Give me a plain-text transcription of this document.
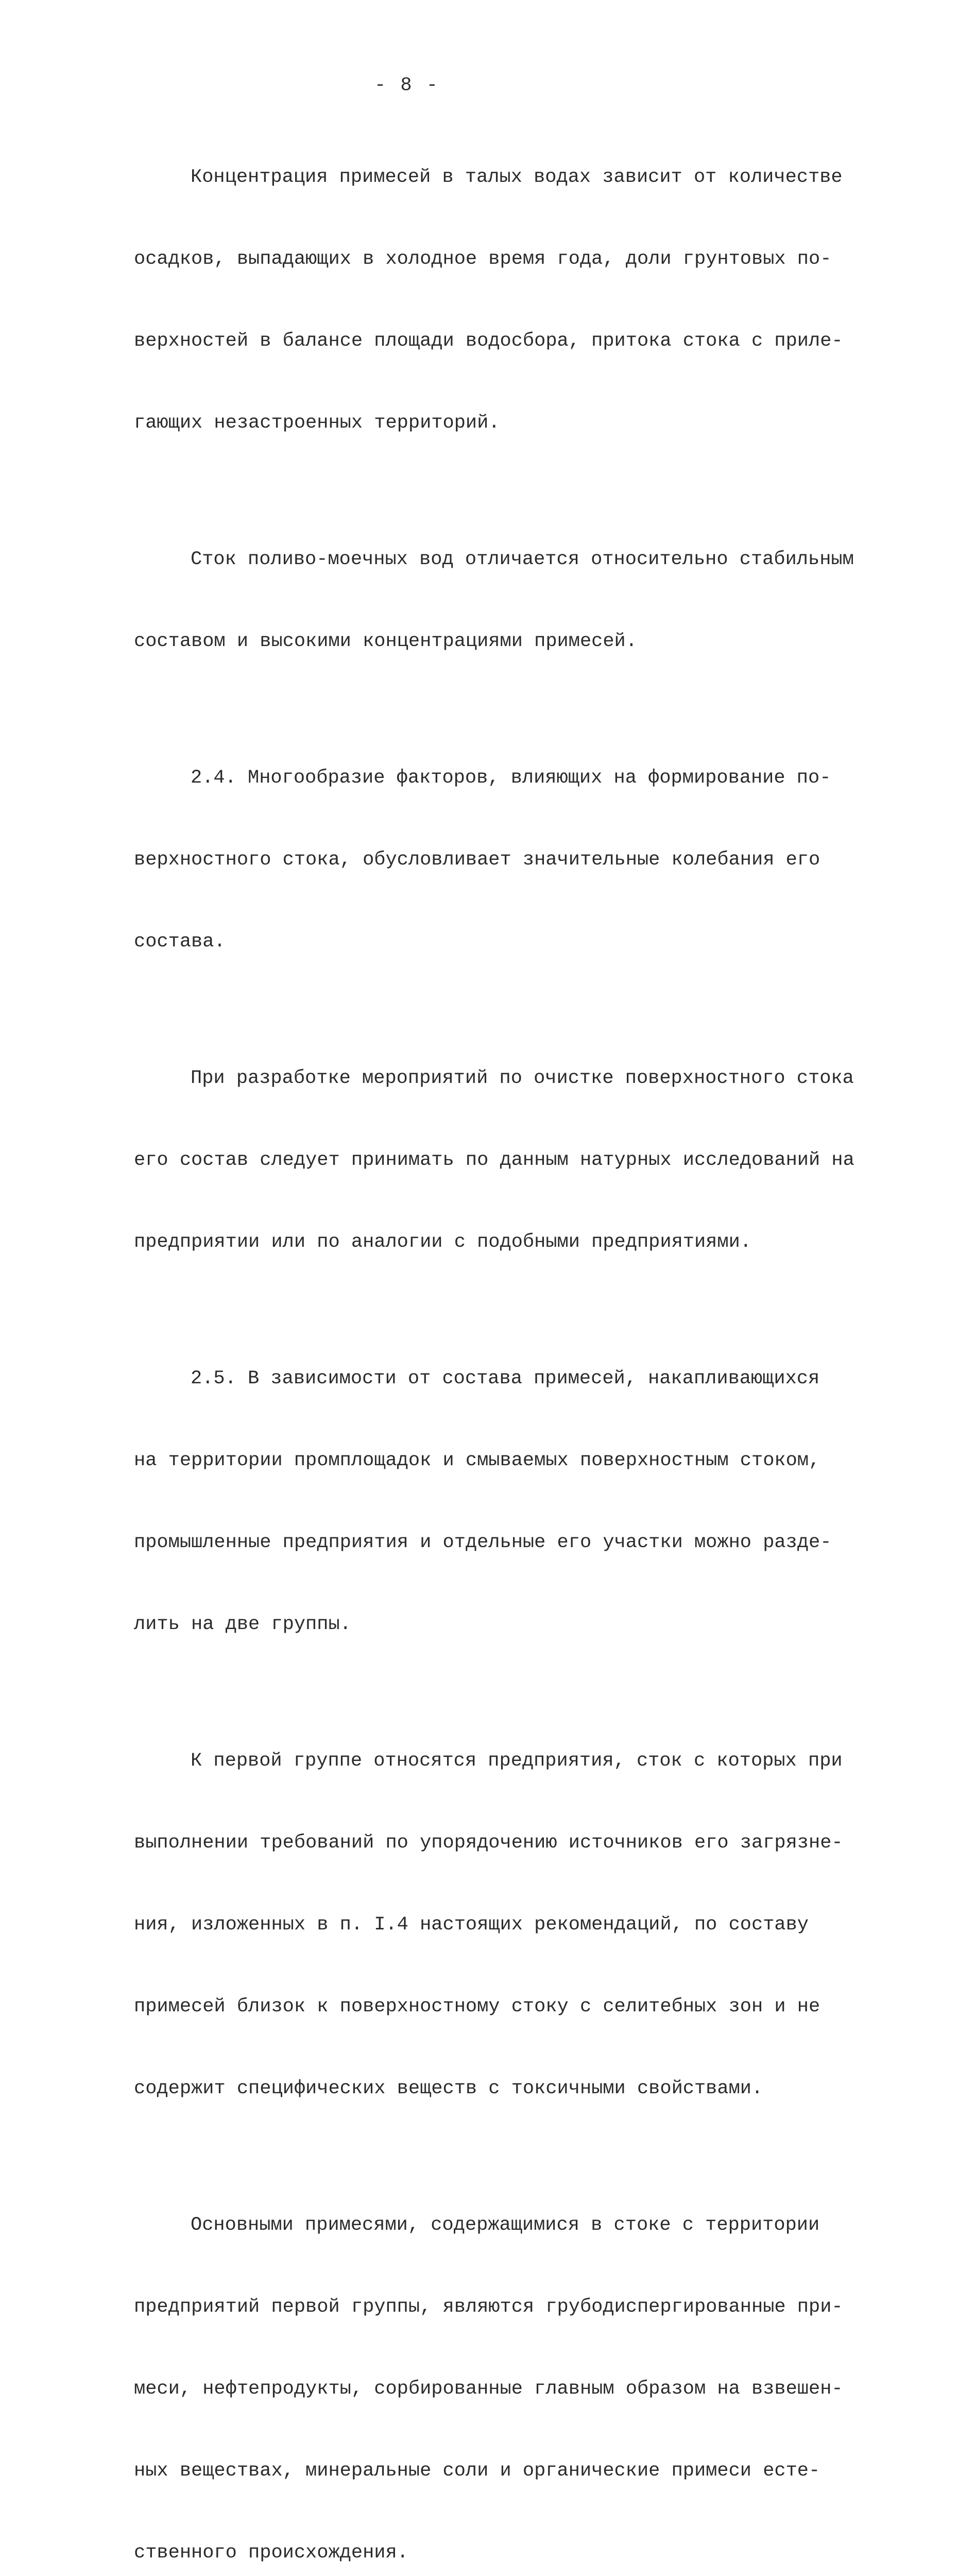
- 8 -

Концентрация примесей в талых водах зависит от количестве

осадков, выпадающих в холодное время года, доли грунтовых по-

верхностей в балансе площади водосбора, притока стока с приле-

гающих незастроенных территорий.

Сток поливо-моечных вод отличается относительно стабильным

составом и высокими концентрациями примесей.

2.4. Многообразие факторов, влияющих на формирование по-

верхностного стока, обусловливает значительные колебания его

состава.

При разработке мероприятий по очистке поверхностного стока

его состав следует принимать по данным натурных исследований на

предприятии или по аналогии с подобными предприятиями.

2.5. В зависимости от состава примесей, накапливающихся

на территории промплощадок и смываемых поверхностным стоком,

промышленные предприятия и отдельные его участки можно разде-

лить на две группы.

К первой группе относятся предприятия, сток с которых при

выполнении требований по упорядочению источников его загрязне-

ния, изложенных в п. I.4 настоящих рекомендаций, по составу

примесей близок к поверхностному стоку с селитебных зон и не

содержит специфических веществ с токсичными свойствами.

Основными примесями, содержащимися в стоке с территории

предприятий первой группы, являются грубодиспергированные при-

меси, нефтепродукты, сорбированные главным образом на взвешен-

ных веществах, минеральные соли и органические примеси есте-

ственного происхождения.
